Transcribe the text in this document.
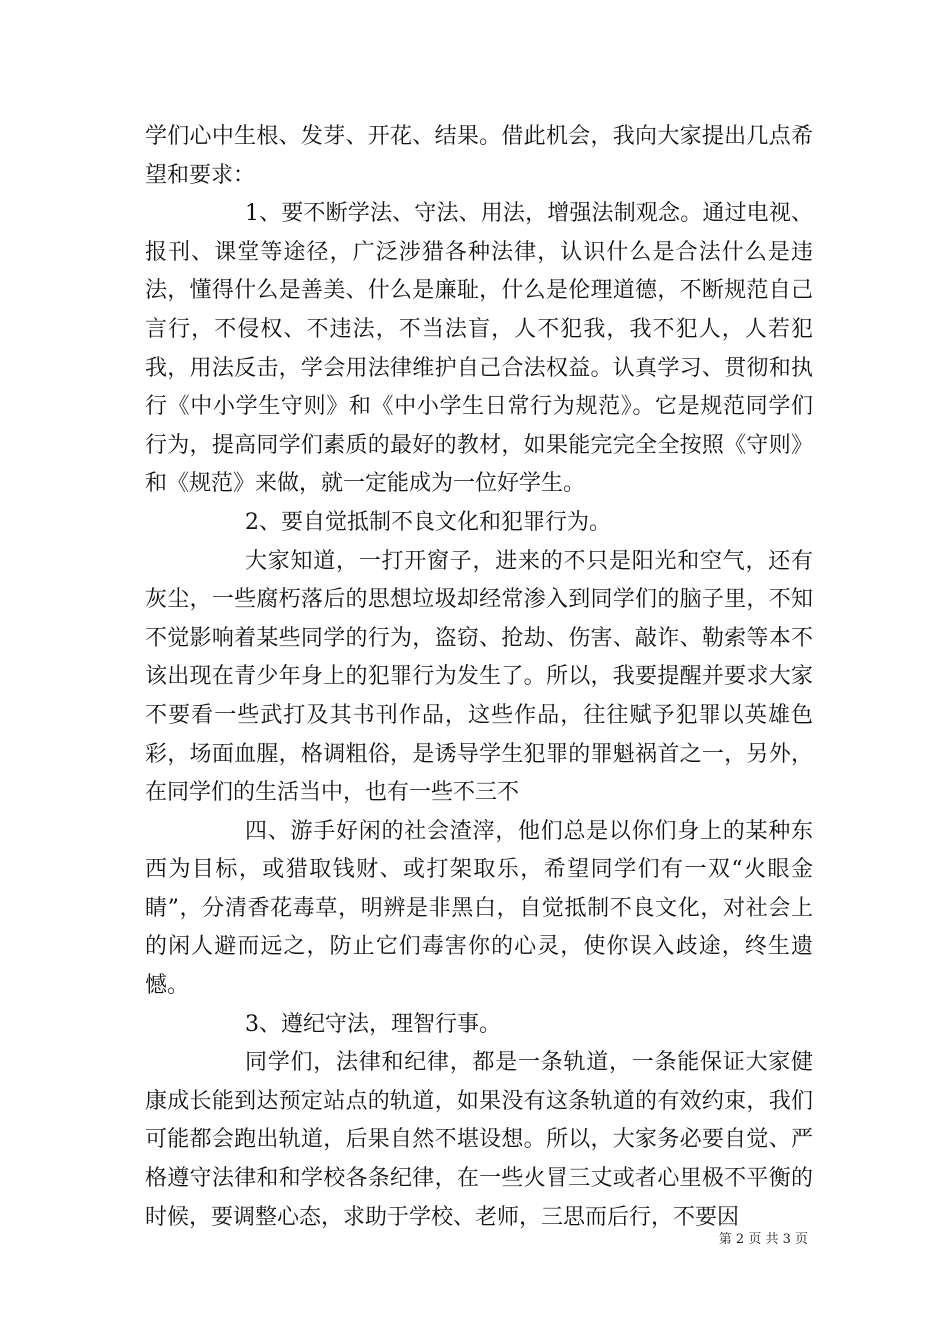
学们心中生根、发芽、开花、结果。借此机会，我向大家提出几点希望和要求：

1、要不断学法、守法、用法，增强法制观念。通过电视、报刊、课堂等途径，广泛涉猎各种法律，认识什么是合法什么是违法，懂得什么是善美、什么是廉耻，什么是伦理道德，不断规范自己言行，不侵权、不违法，不当法盲，人不犯我，我不犯人，人若犯我，用法反击，学会用法律维护自己合法权益。认真学习、贯彻和执行《中小学生守则》和《中小学生日常行为规范》。它是规范同学们行为，提高同学们素质的最好的教材，如果能完完全全按照《守则》和《规范》来做，就一定能成为一位好学生。

2、要自觉抵制不良文化和犯罪行为。

大家知道，一打开窗子，进来的不只是阳光和空气，还有灰尘，一些腐朽落后的思想垃圾却经常渗入到同学们的脑子里，不知不觉影响着某些同学的行为，盗窃、抢劫、伤害、敲诈、勒索等本不该出现在青少年身上的犯罪行为发生了。所以，我要提醒并要求大家不要看一些武打及其书刊作品，这些作品，往往赋予犯罪以英雄色彩，场面血腥，格调粗俗，是诱导学生犯罪的罪魁祸首之一，另外，在同学们的生活当中，也有一些不三不

四、游手好闲的社会渣滓，他们总是以你们身上的某种东西为目标，或猎取钱财、或打架取乐，希望同学们有一双“火眼金睛”，分清香花毒草，明辨是非黑白，自觉抵制不良文化，对社会上的闲人避而远之，防止它们毒害你的心灵，使你误入歧途，终生遗憾。

3、遵纪守法，理智行事。

同学们，法律和纪律，都是一条轨道，一条能保证大家健康成长能到达预定站点的轨道，如果没有这条轨道的有效约束，我们可能都会跑出轨道，后果自然不堪设想。所以，大家务必要自觉、严格遵守法律和和学校各条纪律，在一些火冒三丈或者心里极不平衡的时候，要调整心态，求助于学校、老师，三思而后行，不要因

第 2 页 共 3 页
